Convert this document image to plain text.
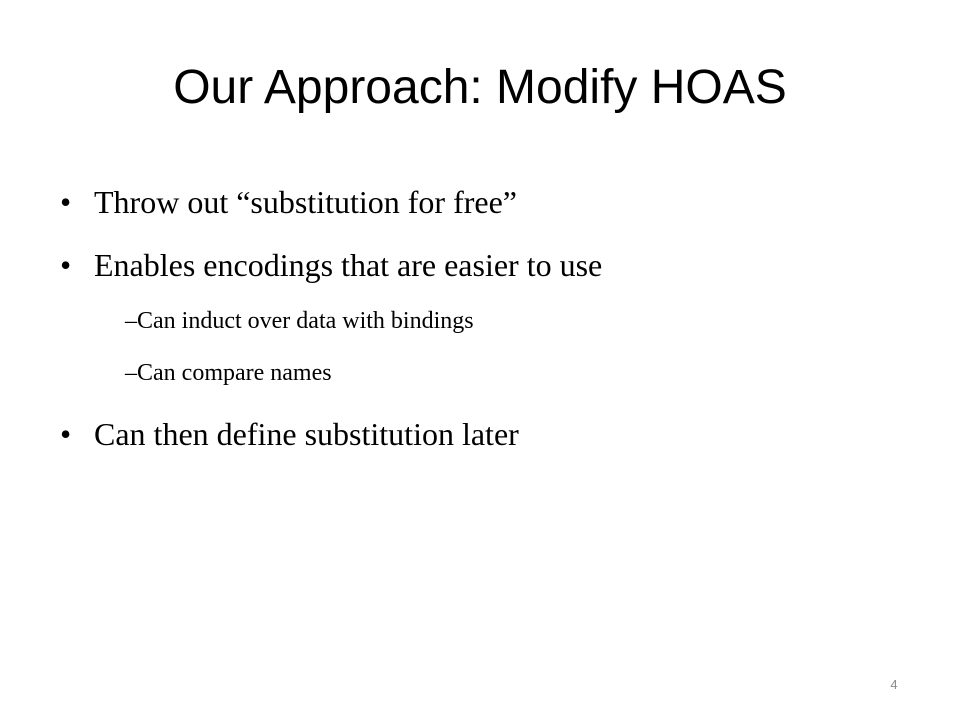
Our Approach: Modify HOAS
• Throw out “substitution for free”
• Enables encodings that are easier to use
– Can induct over data with bindings
– Can compare names
• Can then define substitution later
4
